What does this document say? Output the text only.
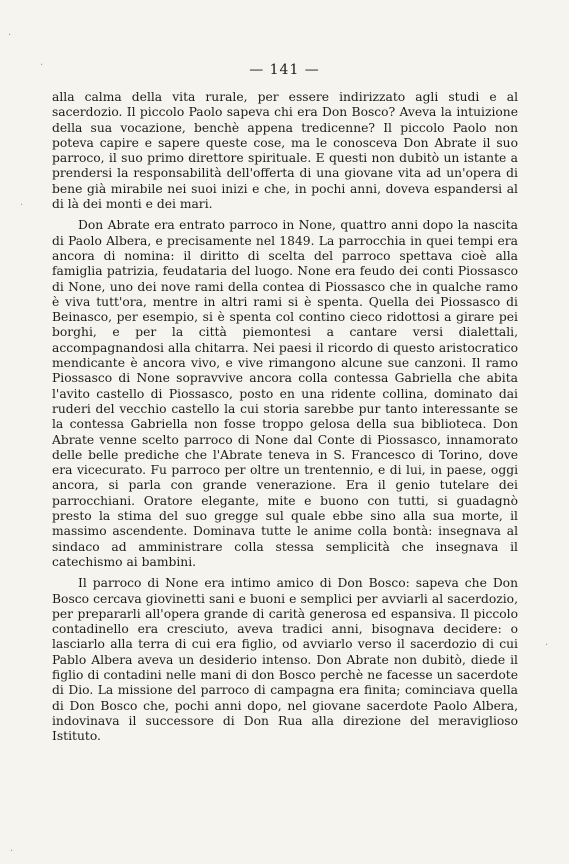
— 141 —

alla calma della vita rurale, per essere indirizzato agli studi e al sacerdozio. Il piccolo Paolo sapeva chi era Don Bosco? Aveva la intuizione della sua vocazione, benchè appena tredicenne? Il piccolo Paolo non poteva capire e sapere queste cose, ma le conosceva Don Abrate il suo parroco, il suo primo direttore spirituale. E questi non dubitò un istante a prendersi la responsabilità dell'offerta di una giovane vita ad un'opera di bene già mirabile nei suoi inizi e che, in pochi anni, doveva espandersi al di là dei monti e dei mari.

Don Abrate era entrato parroco in None, quattro anni dopo la nascita di Paolo Albera, e precisamente nel 1849. La parrocchia in quei tempi era ancora di nomina: il diritto di scelta del parroco spettava cioè alla famiglia patrizia, feudataria del luogo. None era feudo dei conti Piossasco di None, uno dei nove rami della contea di Piossasco che in qualche ramo è viva tutt'ora, mentre in altri rami si è spenta. Quella dei Piossasco di Beinasco, per esempio, si è spenta col contino cieco ridottosi a girare pei borghi, e per la città piemontesi a cantare versi dialettali, accompagnandosi alla chitarra. Nei paesi il ricordo di questo aristocratico mendicante è ancora vivo, e vive rimangono alcune sue canzoni. Il ramo Piossasco di None sopravvive ancora colla contessa Gabriella che abita l'avito castello di Piossasco, posto en una ridente collina, dominato dai ruderi del vecchio castello la cui storia sarebbe pur tanto interessante se la contessa Gabriella non fosse troppo gelosa della sua biblioteca. Don Abrate venne scelto parroco di None dal Conte di Piossasco, innamorato delle belle prediche che l'Abrate teneva in S. Francesco di Torino, dove era vicecurato. Fu parroco per oltre un trentennio, e di lui, in paese, oggi ancora, si parla con grande venerazione. Era il genio tutelare dei parrocchiani. Oratore elegante, mite e buono con tutti, si guadagnò presto la stima del suo gregge sul quale ebbe sino alla sua morte, il massimo ascendente. Dominava tutte le anime colla bontà: insegnava al sindaco ad amministrare colla stessa semplicità che insegnava il catechismo ai bambini.

Il parroco di None era intimo amico di Don Bosco: sapeva che Don Bosco cercava giovinetti sani e buoni e semplici per avviarli al sacerdozio, per prepararli all'opera grande di carità generosa ed espansiva. Il piccolo contadinello era cresciuto, aveva tradici anni, bisognava decidere: o lasciarlo alla terra di cui era figlio, od avviarlo verso il sacerdozio di cui Pablo Albera aveva un desiderio intenso. Don Abrate non dubitò, diede il figlio di contadini nelle mani di don Bosco perchè ne facesse un sacerdote di Dio. La missione del parroco di campagna era finita; cominciava quella di Don Bosco che, pochi anni dopo, nel giovane sacerdote Paolo Albera, indovinava il successore di Don Rua alla direzione del meraviglioso Istituto.

·
·
·
·
·
